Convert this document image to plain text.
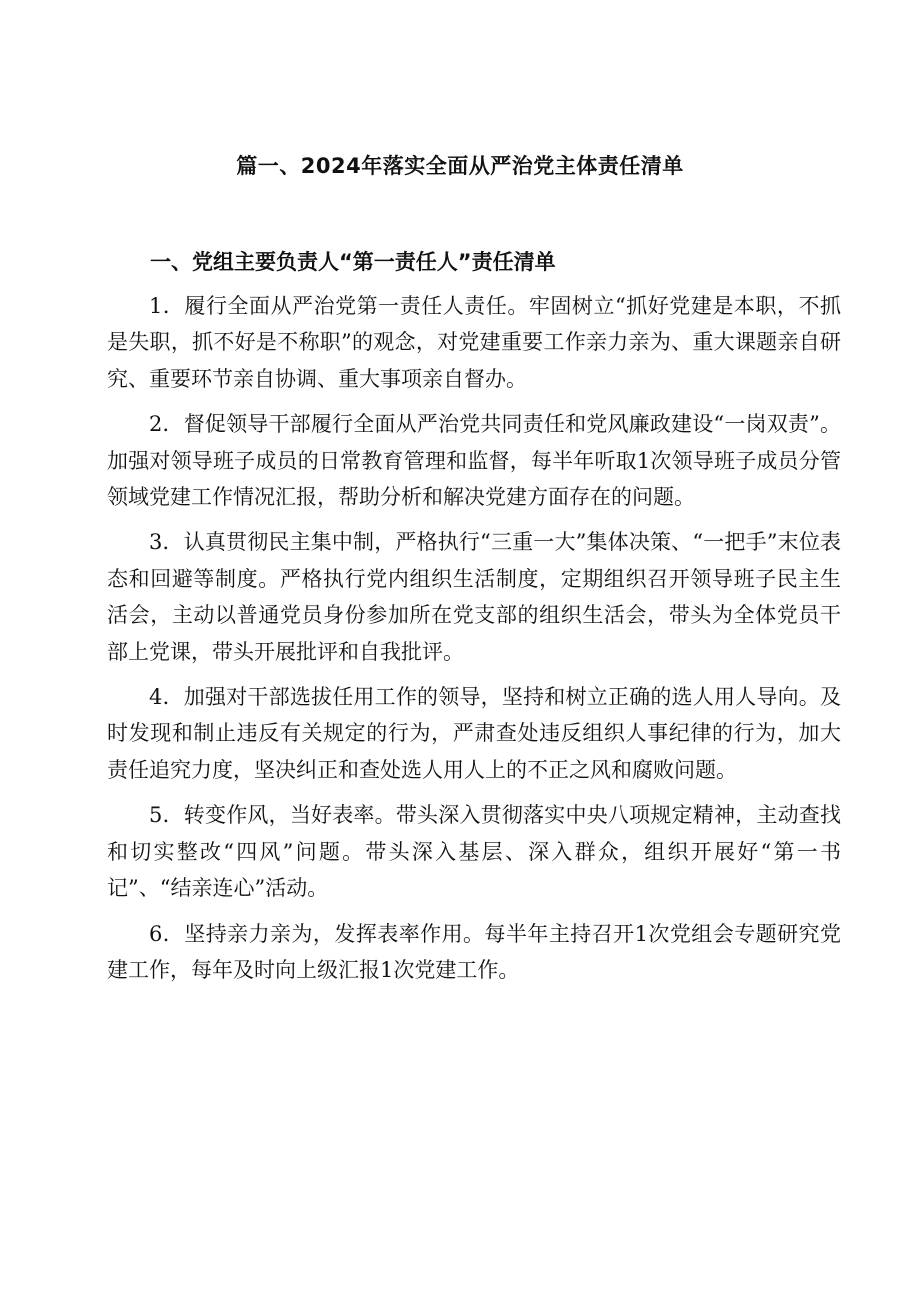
篇一、2024年落实全面从严治党主体责任清单
一、党组主要负责人“第一责任人”责任清单

1．履行全面从严治党第一责任人责任。牢固树立“抓好党建是本职，不抓是失职，抓不好是不称职”的观念，对党建重要工作亲力亲为、重大课题亲自研究、重要环节亲自协调、重大事项亲自督办。

2．督促领导干部履行全面从严治党共同责任和党风廉政建设“一岗双责”。加强对领导班子成员的日常教育管理和监督，每半年听取1次领导班子成员分管领域党建工作情况汇报，帮助分析和解决党建方面存在的问题。

3．认真贯彻民主集中制，严格执行“三重一大”集体决策、“一把手”末位表态和回避等制度。严格执行党内组织生活制度，定期组织召开领导班子民主生活会，主动以普通党员身份参加所在党支部的组织生活会，带头为全体党员干部上党课，带头开展批评和自我批评。

4．加强对干部选拔任用工作的领导，坚持和树立正确的选人用人导向。及时发现和制止违反有关规定的行为，严肃查处违反组织人事纪律的行为，加大责任追究力度，坚决纠正和查处选人用人上的不正之风和腐败问题。

5．转变作风，当好表率。带头深入贯彻落实中央八项规定精神，主动查找和切实整改“四风”问题。带头深入基层、深入群众，组织开展好“第一书记”、“结亲连心”活动。

6．坚持亲力亲为，发挥表率作用。每半年主持召开1次党组会专题研究党建工作，每年及时向上级汇报1次党建工作。
